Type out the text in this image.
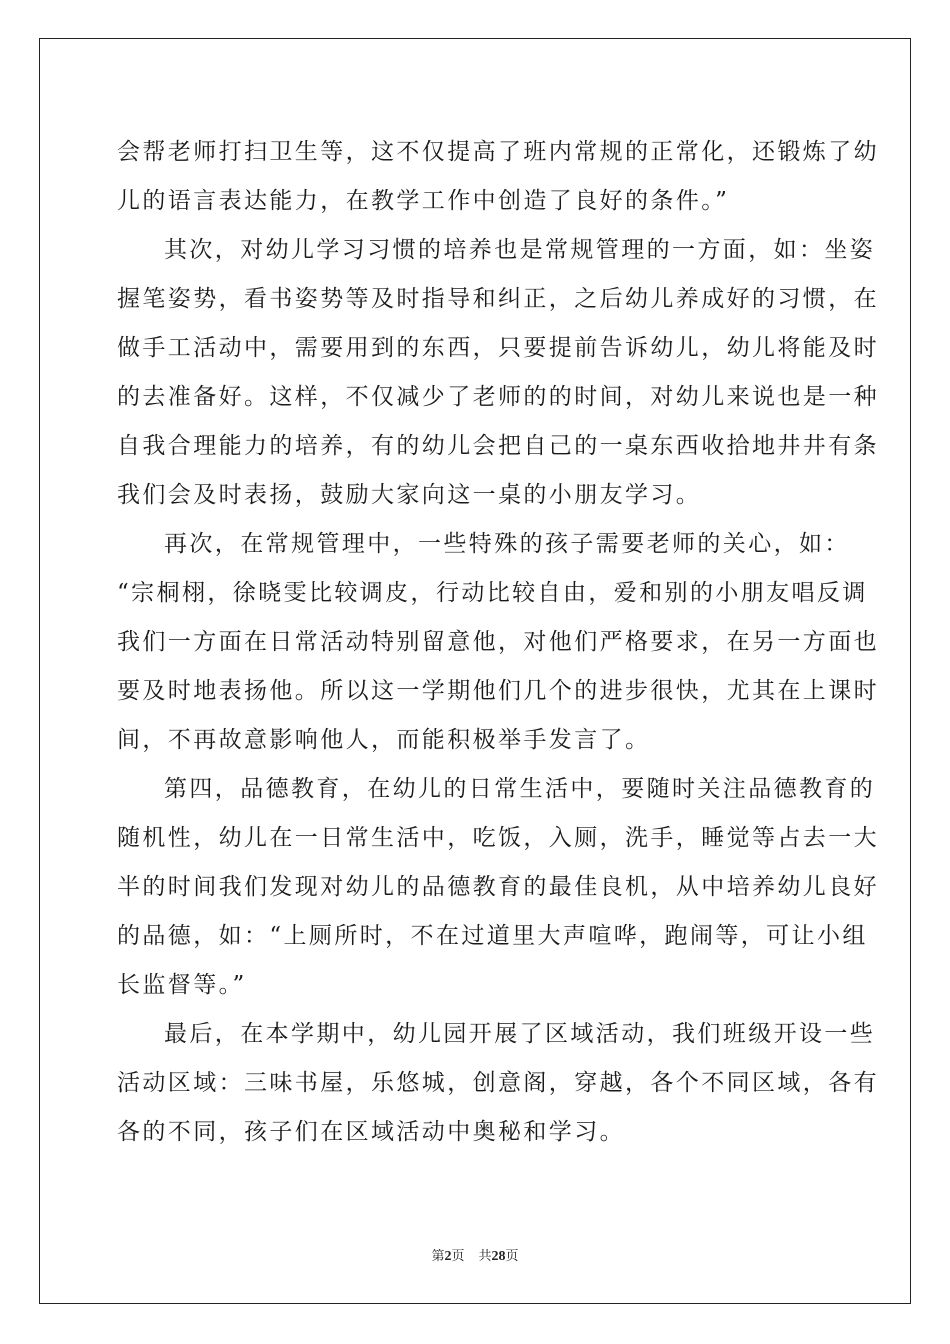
会帮老师打扫卫生等，这不仅提高了班内常规的正常化，还锻炼了幼
儿的语言表达能力，在教学工作中创造了良好的条件。”
其次，对幼儿学习习惯的培养也是常规管理的一方面，如：坐姿
握笔姿势，看书姿势等及时指导和纠正，之后幼儿养成好的习惯，在
做手工活动中，需要用到的东西，只要提前告诉幼儿，幼儿将能及时
的去准备好。这样，不仅减少了老师的的时间，对幼儿来说也是一种
自我合理能力的培养，有的幼儿会把自己的一桌东西收拾地井井有条
我们会及时表扬，鼓励大家向这一桌的小朋友学习。
再次，在常规管理中，一些特殊的孩子需要老师的关心，如：
“宗桐栩，徐晓雯比较调皮，行动比较自由，爱和别的小朋友唱反调
我们一方面在日常活动特别留意他，对他们严格要求，在另一方面也
要及时地表扬他。所以这一学期他们几个的进步很快，尤其在上课时
间，不再故意影响他人，而能积极举手发言了。
第四，品德教育，在幼儿的日常生活中，要随时关注品德教育的
随机性，幼儿在一日常生活中，吃饭，入厕，洗手，睡觉等占去一大
半的时间我们发现对幼儿的品德教育的最佳良机，从中培养幼儿良好
的品德，如：“上厕所时，不在过道里大声喧哗，跑闹等，可让小组
长监督等。”
最后，在本学期中，幼儿园开展了区域活动，我们班级开设一些
活动区域：三味书屋，乐悠城，创意阁，穿越，各个不同区域，各有
各的不同，孩子们在区域活动中奥秘和学习。
第2页 共28页
